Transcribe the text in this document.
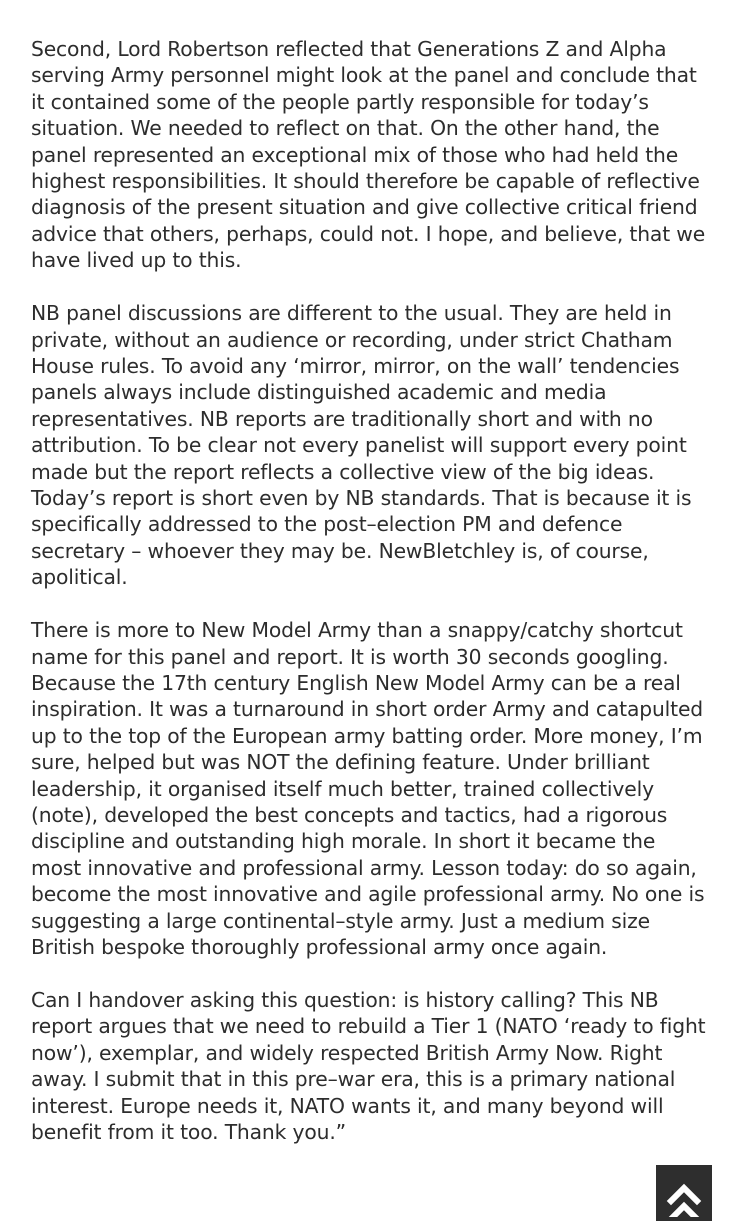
Second, Lord Robertson reflected that Generations Z and Alpha serving Army personnel might look at the panel and conclude that it contained some of the people partly responsible for today’s situation. We needed to reflect on that. On the other hand, the panel represented an exceptional mix of those who had held the highest responsibilities. It should therefore be capable of reflective diagnosis of the present situation and give collective critical friend advice that others, perhaps, could not. I hope, and believe, that we have lived up to this.

NB panel discussions are different to the usual. They are held in private, without an audience or recording, under strict Chatham House rules. To avoid any ‘mirror, mirror, on the wall’ tendencies panels always include distinguished academic and media representatives. NB reports are traditionally short and with no attribution. To be clear not every panelist will support every point made but the report reflects a collective view of the big ideas. Today’s report is short even by NB standards. That is because it is specifically addressed to the post–election PM and defence secretary – whoever they may be. NewBletchley is, of course, apolitical.

There is more to New Model Army than a snappy/catchy shortcut name for this panel and report. It is worth 30 seconds googling. Because the 17th century English New Model Army can be a real inspiration. It was a turnaround in short order Army and catapulted up to the top of the European army batting order. More money, I’m sure, helped but was NOT the defining feature. Under brilliant leadership, it organised itself much better, trained collectively (note), developed the best concepts and tactics, had a rigorous discipline and outstanding high morale. In short it became the most innovative and professional army. Lesson today: do so again, become the most innovative and agile professional army. No one is suggesting a large continental–style army. Just a medium size British bespoke thoroughly professional army once again.

Can I handover asking this question: is history calling? This NB report argues that we need to rebuild a Tier 1 (NATO ‘ready to fight now’), exemplar, and widely respected British Army Now. Right away. I submit that in this pre–war era, this is a primary national interest. Europe needs it, NATO wants it, and many beyond will benefit from it too. Thank you.”
